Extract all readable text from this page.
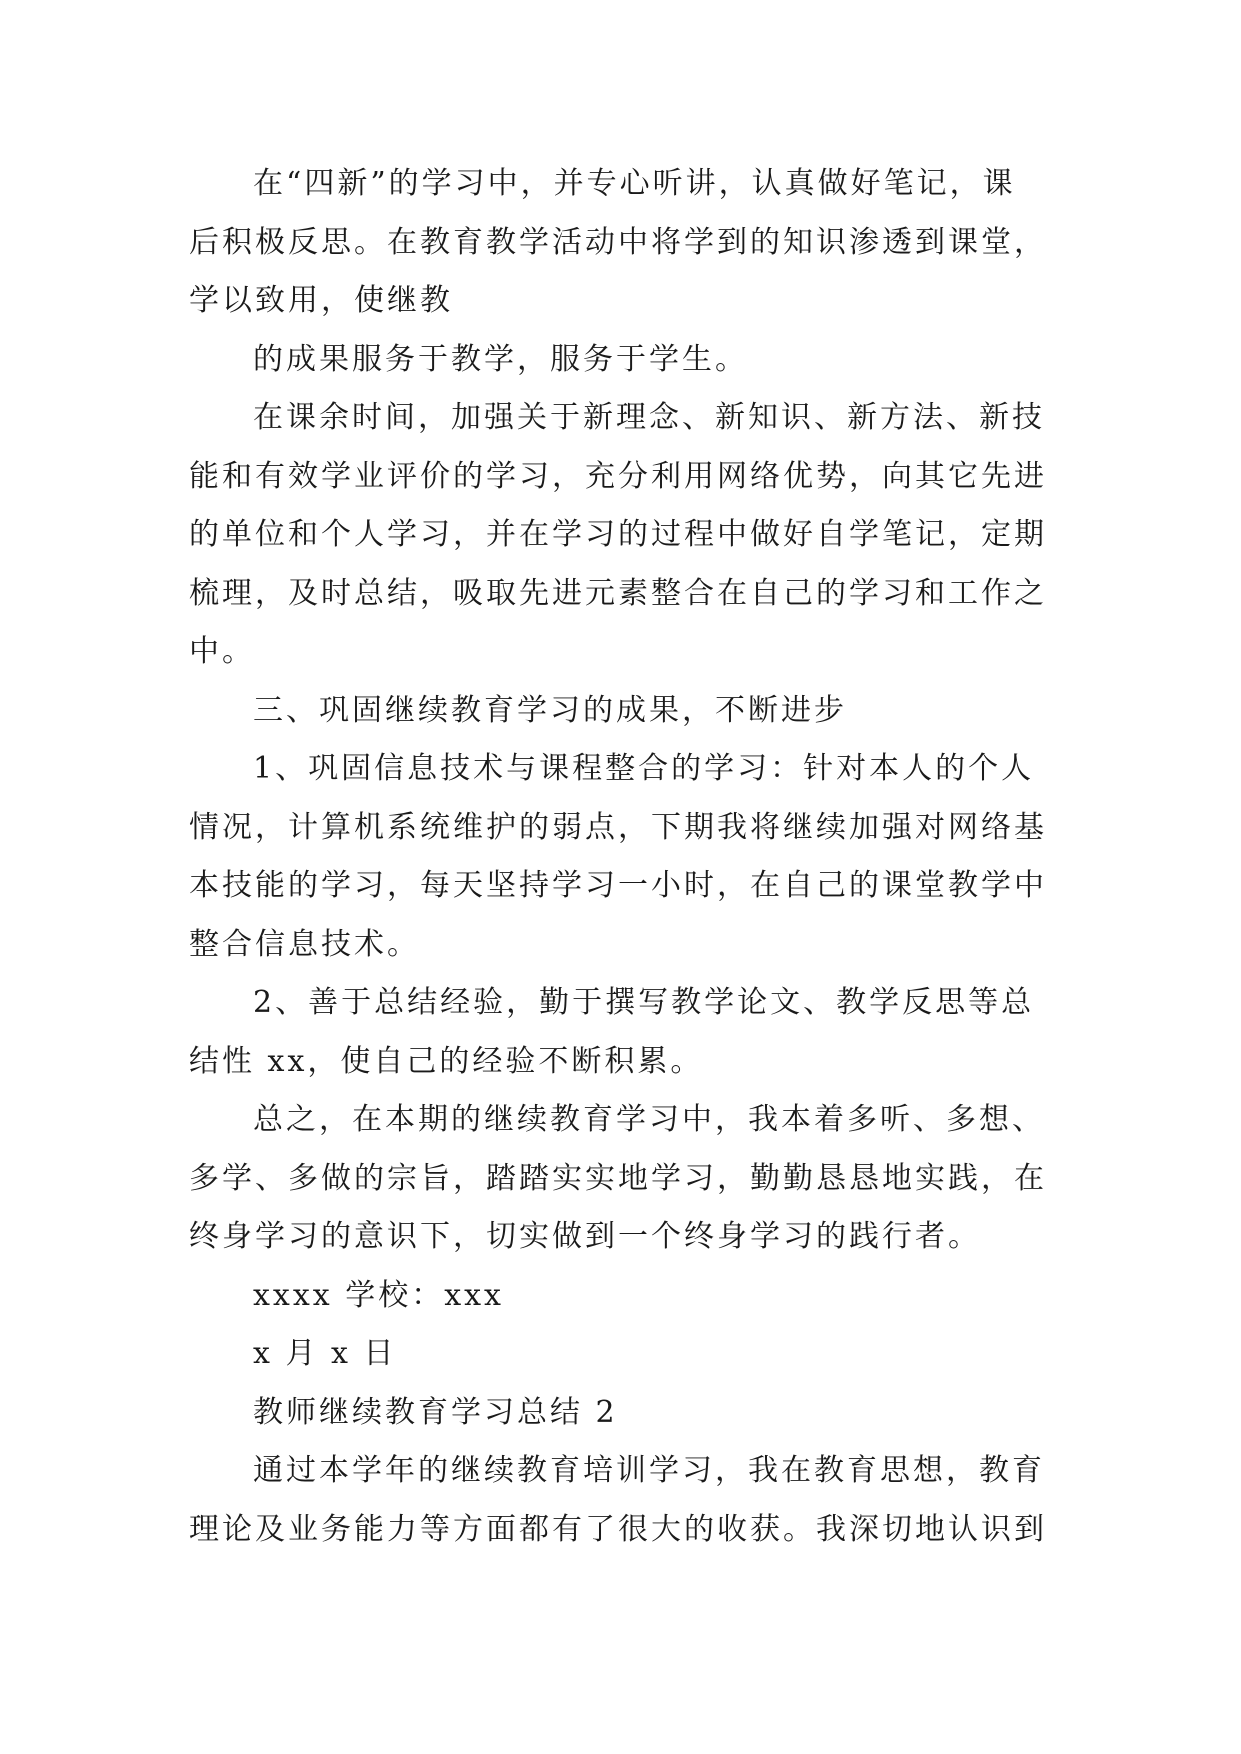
在“四新”的学习中，并专心听讲，认真做好笔记，课
后积极反思。在教育教学活动中将学到的知识渗透到课堂，
学以致用，使继教
的成果服务于教学，服务于学生。
在课余时间，加强关于新理念、新知识、新方法、新技
能和有效学业评价的学习，充分利用网络优势，向其它先进
的单位和个人学习，并在学习的过程中做好自学笔记，定期
梳理，及时总结，吸取先进元素整合在自己的学习和工作之
中。
三、巩固继续教育学习的成果，不断进步
1、巩固信息技术与课程整合的学习：针对本人的个人
情况，计算机系统维护的弱点，下期我将继续加强对网络基
本技能的学习，每天坚持学习一小时，在自己的课堂教学中
整合信息技术。
2、善于总结经验，勤于撰写教学论文、教学反思等总
结性 xx，使自己的经验不断积累。
总之，在本期的继续教育学习中，我本着多听、多想、
多学、多做的宗旨，踏踏实实地学习，勤勤恳恳地实践，在
终身学习的意识下，切实做到一个终身学习的践行者。
xxxx 学校：xxx
x 月 x 日
教师继续教育学习总结 2
通过本学年的继续教育培训学习，我在教育思想，教育
理论及业务能力等方面都有了很大的收获。我深切地认识到
